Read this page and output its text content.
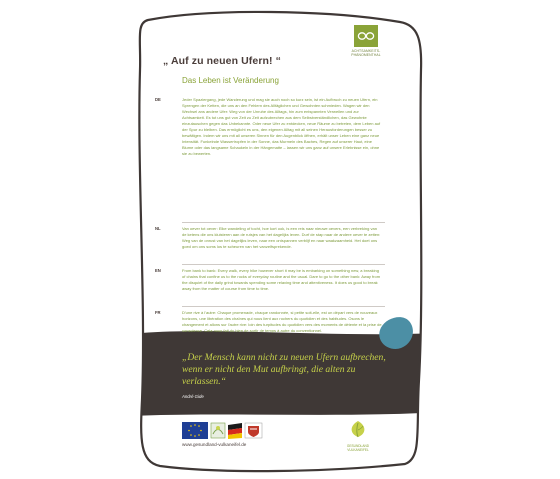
ACHTSAMKEITS-PHÄNOMENTHAL
„ Auf zu neuen Ufern! “
Das Leben ist Veränderung
DE	Jeder Spaziergang, jede Wanderung und mag sie auch noch so kurz sein, ist ein Aufbruch zu neuen Ufern, ein Sprengen der Ketten, die uns an den Fehlern des Alltäglichen und Gewohnten schmieden. Wagen wir den Wechsel ans andere Ufer: Weg von der Unruhe des Alltags, hin zum entspannten Verweilen und zur Achtsamkeit. Es tut uns gut von Zeit zu Zeit aufzubrechen aus dem Selbstverständlichen, das Gewohnte einzutauschen gegen das Unbekannte. Oder neue Ufer zu entdecken, neue Räume zu betreten, dem Leben auf der Spur zu bleiben. Das ermöglicht es uns, den eigenen Alltag mit all seinen Herausforderungen besser zu bewältigen. Indem wir uns mit all unseren Sinnen für den Augenblick öffnen, erhält unser Leben eine ganz neue Intensität. Funkelnde Wassertropfen in der Sonne, das Murmeln des Baches, Regen auf unserer Haut, eine Blume oder das langsame Schaukeln in der Hängematte – lassen wir uns ganz auf unsere Erlebnisse ein, ohne sie zu bewerten.

NL	Van oever tot oever: Elke wandeling of tocht, hoe kort ook, is een reis naar nieuwe oevers, een verbreking van de ketens die ons kluisteren aan de rutsjes van het dagelijks leven. Durf de stap naar de andere oever te zetten: Weg van de onrust van het dagelijks leven, naar een ontspannen verblijf en naar waakzaamheid. Het doet ons goed om ons soms los te scheuren van het vanzelfsprekende.

EN	From bank to bank: Every walk, every hike however short it may be is embarking on something new, a breaking of chains that confine us to the rocks of everyday routine and the usual. Dare to go to the other bank: Away from the disquiet of the daily grind towards spending some relaxing time and attentiveness. It does us good to break away from the matter of course from time to time.

FR	D'une rive à l'autre: Chaque promenade, chaque randonnée, si petite soit-elle, est un départ vers de nouveaux horizons, une libération des chaînes qui nous lient aux rochers du quotidien et des habitudes. Osons le changement et allons sur l'autre rive: loin des turpitudes du quotidien vers des moments de détente et la prise de conscience. Cela nous fait du bien de sortir de temps à autre du conventionnel.

„Der Mensch kann nicht zu neuen Ufern aufbrechen, wenn er nicht den Mut aufbringt, die alten zu verlassen.“
André Gide
www.gesundland-vulkaneifel.de	GESUNDLAND
VULKANEIFEL
